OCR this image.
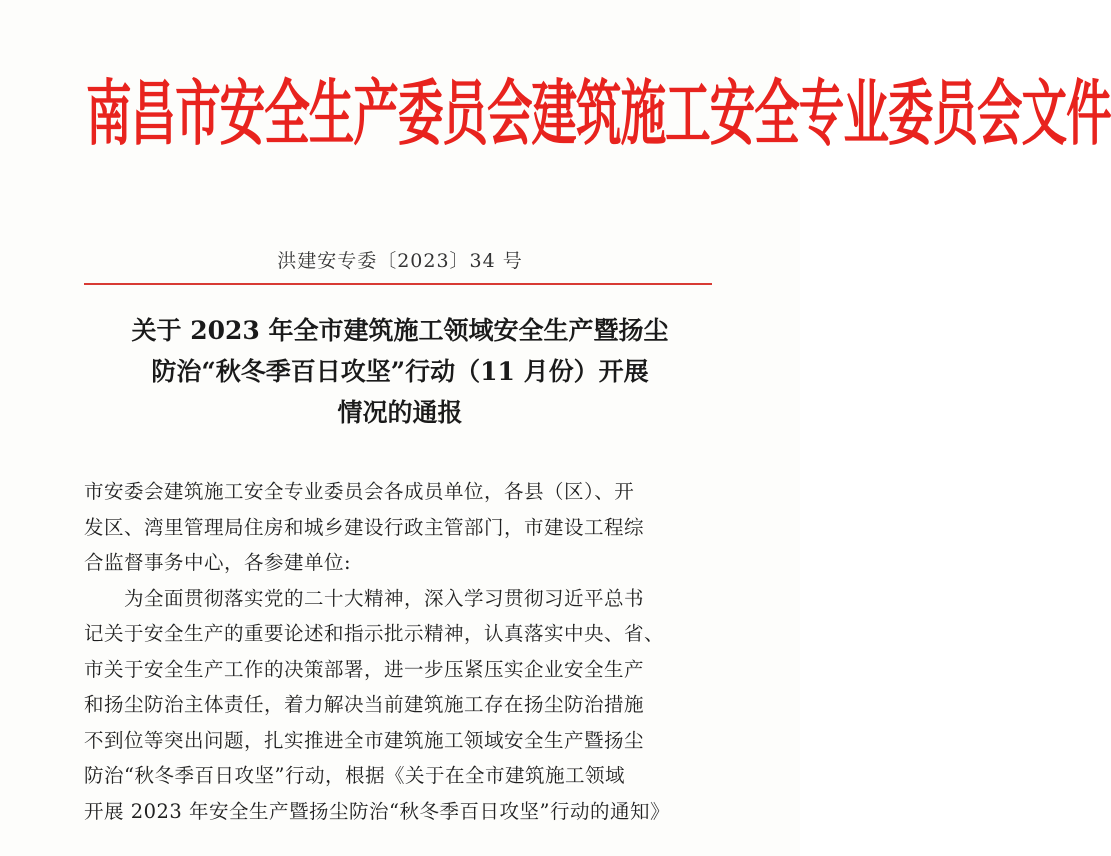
南昌市安全生产委员会建筑施工安全专业委员会文件
洪建安专委〔2023〕34 号
关于 2023 年全市建筑施工领域安全生产暨扬尘
防治“秋冬季百日攻坚”行动（11 月份）开展
情况的通报
市安委会建筑施工安全专业委员会各成员单位，各县（区）、开
发区、湾里管理局住房和城乡建设行政主管部门，市建设工程综
合监督事务中心，各参建单位:
为全面贯彻落实党的二十大精神，深入学习贯彻习近平总书
记关于安全生产的重要论述和指示批示精神，认真落实中央、省、
市关于安全生产工作的决策部署，进一步压紧压实企业安全生产
和扬尘防治主体责任，着力解决当前建筑施工存在扬尘防治措施
不到位等突出问题，扎实推进全市建筑施工领域安全生产暨扬尘
防治“秋冬季百日攻坚”行动，根据《关于在全市建筑施工领域
开展 2023 年安全生产暨扬尘防治“秋冬季百日攻坚”行动的通知》
